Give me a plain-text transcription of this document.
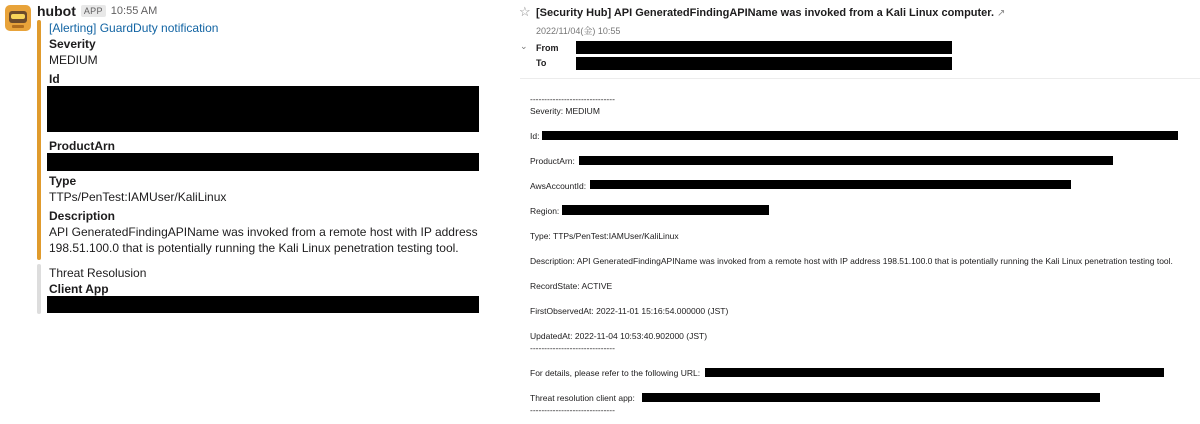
hubot APP 10:55 AM
[Alerting] GuardDuty notification
Severity
MEDIUM
Id
ProductArn
Type
TTPs/PenTest:IAMUser/KaliLinux
Description
API GeneratedFindingAPIName was invoked from a remote host with IP address
198.51.100.0 that is potentially running the Kali Linux penetration testing tool.
Threat Resolusion
Client App
☆ [Security Hub] API GeneratedFindingAPIName was invoked from a Kali Linux computer. ↗
2022/11/04(金) 10:55
⌄ From
To
------------------------------
Severity: MEDIUM
Id:
ProductArn:
AwsAccountId:
Region:
Type: TTPs/PenTest:IAMUser/KaliLinux
Description: API GeneratedFindingAPIName was invoked from a remote host with IP address 198.51.100.0 that is potentially running the Kali Linux penetration testing tool.
RecordState: ACTIVE
FirstObservedAt: 2022-11-01 15:16:54.000000 (JST)
UpdatedAt: 2022-11-04 10:53:40.902000 (JST)
------------------------------
For details, please refer to the following URL:
Threat resolution client app:
------------------------------
